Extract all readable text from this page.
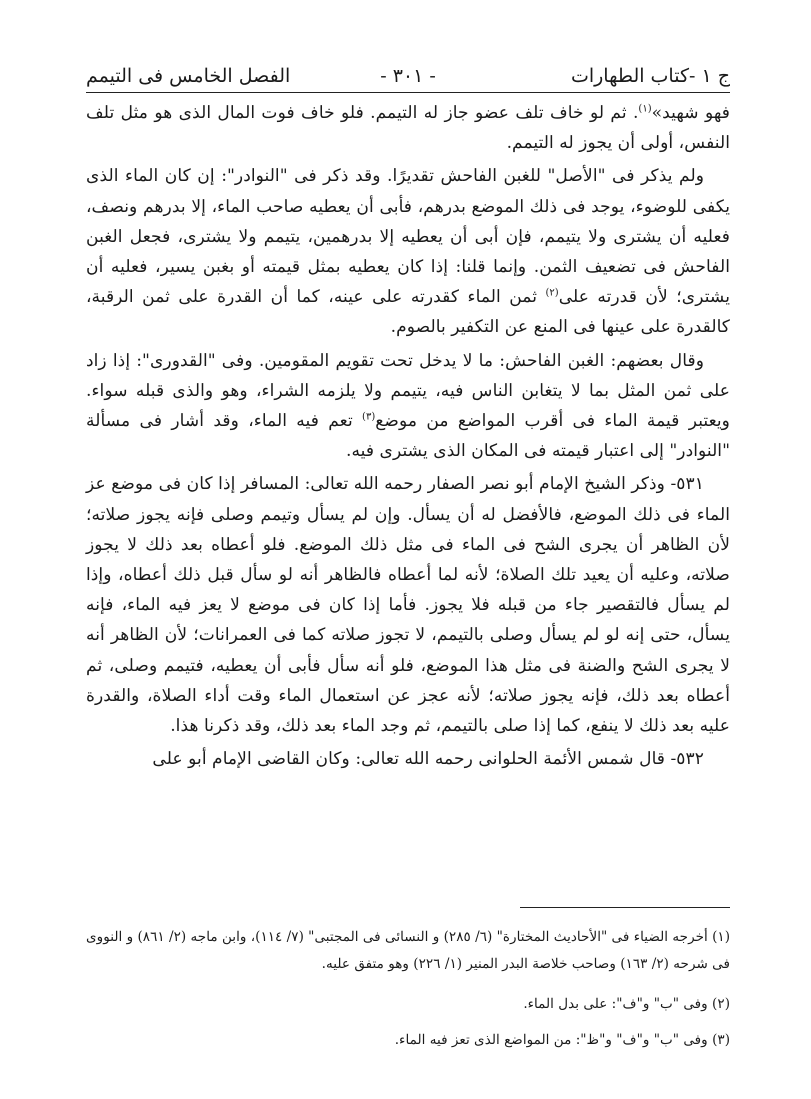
ج ١ -كتاب الطهارات
- ٣٠١ -
الفصل الخامس فى التيمم

فهو شهيد»$^{(١)}$. ثم لو خاف تلف عضو جاز له التيمم. فلو خاف فوت المال الذى هو مثل تلف النفس، أولى أن يجوز له التيمم.

ولم يذكر فى "الأصل" للغبن الفاحش تقديرًا. وقد ذكر فى "النوادر": إن كان الماء الذى يكفى للوضوء، يوجد فى ذلك الموضع بدرهم، فأبى أن يعطيه صاحب الماء، إلا بدرهم ونصف، فعليه أن يشترى ولا يتيمم، فإن أبى أن يعطيه إلا بدرهمين، يتيمم ولا يشترى، فجعل الغبن الفاحش فى تضعيف الثمن. وإنما قلنا: إذا كان يعطيه بمثل قيمته أو بغبن يسير، فعليه أن يشترى؛ لأن قدرته على$^{(٢)}$ ثمن الماء كقدرته على عينه، كما أن القدرة على ثمن الرقبة، كالقدرة على عينها فى المنع عن التكفير بالصوم.

وقال بعضهم: الغبن الفاحش: ما لا يدخل تحت تقويم المقومين. وفى "القدورى": إذا زاد على ثمن المثل بما لا يتغابن الناس فيه، يتيمم ولا يلزمه الشراء، وهو والذى قبله سواء. ويعتبر قيمة الماء فى أقرب المواضع من موضع$^{(٣)}$ تعم فيه الماء، وقد أشار فى مسألة "النوادر" إلى اعتبار قيمته فى المكان الذى يشترى فيه.

٥٣١- وذكر الشيخ الإمام أبو نصر الصفار رحمه الله تعالى: المسافر إذا كان فى موضع عز الماء فى ذلك الموضع، فالأفضل له أن يسأل. وإن لم يسأل وتيمم وصلى فإنه يجوز صلاته؛ لأن الظاهر أن يجرى الشح فى الماء فى مثل ذلك الموضع. فلو أعطاه بعد ذلك لا يجوز صلاته، وعليه أن يعيد تلك الصلاة؛ لأنه لما أعطاه فالظاهر أنه لو سأل قبل ذلك أعطاه، وإذا لم يسأل فالتقصير جاء من قبله فلا يجوز. فأما إذا كان فى موضع لا يعز فيه الماء، فإنه يسأل، حتى إنه لو لم يسأل وصلى بالتيمم، لا تجوز صلاته كما فى العمرانات؛ لأن الظاهر أنه لا يجرى الشح والضنة فى مثل هذا الموضع، فلو أنه سأل فأبى أن يعطيه، فتيمم وصلى، ثم أعطاه بعد ذلك، فإنه يجوز صلاته؛ لأنه عجز عن استعمال الماء وقت أداء الصلاة، والقدرة عليه بعد ذلك لا ينفع، كما إذا صلى بالتيمم، ثم وجد الماء بعد ذلك، وقد ذكرنا هذا.

٥٣٢- قال شمس الأئمة الحلوانى رحمه الله تعالى: وكان القاضى الإمام أبو على

(١) أخرجه الضياء فى "الأحاديث المختارة" (٦/ ٢٨٥) و النسائى فى المجتبى" (٧/ ١١٤)، وابن ماجه (٢/ ٨٦١) و النووى فى شرحه (٢/ ١٦٣) وصاحب خلاصة البدر المنير (١/ ٢٢٦) وهو متفق عليه.

(٢) وفى "ب" و"ف": على بدل الماء.

(٣) وفى "ب" و"ف" و"ظ": من المواضع الذى تعز فيه الماء.
